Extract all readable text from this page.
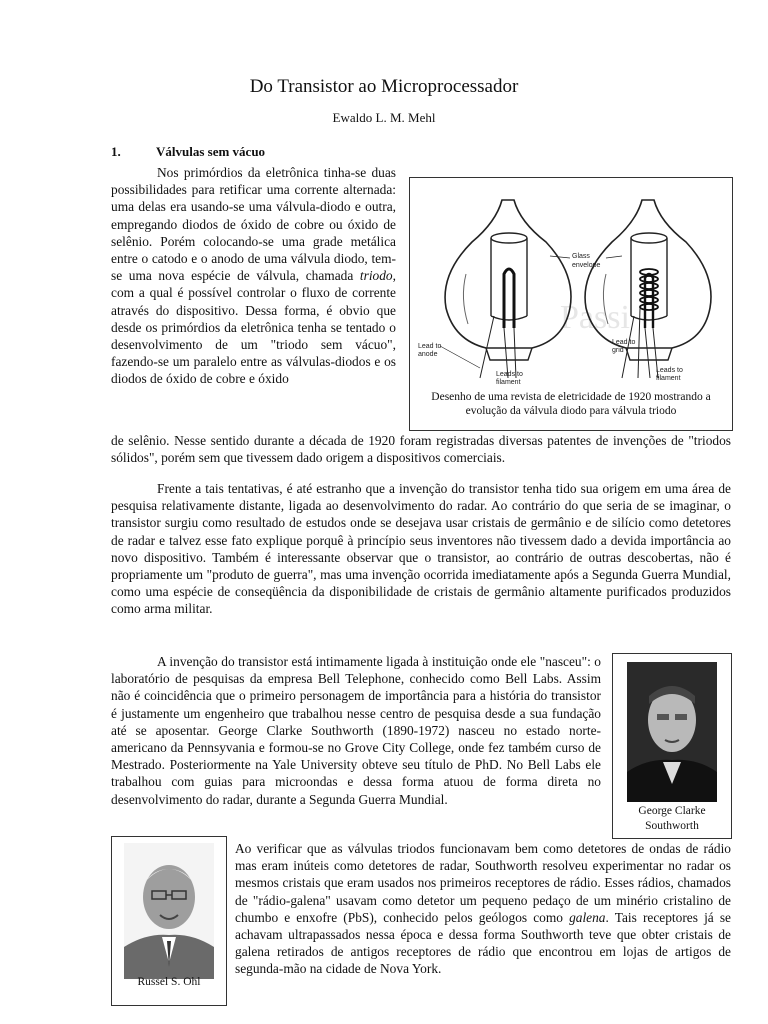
Do Transistor ao Microprocessador
Ewaldo L. M. Mehl
1.	Válvulas sem vácuo

Nos primórdios da eletrônica tinha-se duas possibilidades para retificar uma corrente alternada: uma delas era usando-se uma válvula-diodo e outra, empregando diodos de óxido de cobre ou óxido de selênio. Porém colocando-se uma grade metálica entre o catodo e o anodo de uma válvula diodo, tem-se uma nova espécie de válvula, chamada triodo, com a qual é possível controlar o fluxo de corrente através do dispositivo. Dessa forma, é obvio que desde os primórdios da eletrônica tenha se tentado o desenvolvimento de um "triodo sem vácuo", fazendo-se um paralelo entre as válvulas-diodos e os diodos de óxido de cobre e óxido

de selênio. Nesse sentido durante a década de 1920 foram registradas diversas patentes de invenções de "triodos sólidos", porém sem que tivessem dado origem a dispositivos comerciais.

Passi
Glass
envelope
Lead to
anode
Leads to
filament
Lead to
grid
Leads to
filament
Desenho de uma revista de eletricidade de 1920 mostrando a evolução da válvula diodo para válvula triodo

Frente a tais tentativas, é até estranho que a invenção do transistor tenha tido sua origem em uma área de pesquisa relativamente distante, ligada ao desenvolvimento do radar. Ao contrário do que seria de se imaginar, o transistor surgiu como resultado de estudos onde se desejava usar cristais de germânio e de silício como detetores de radar e talvez esse fato explique porquê à princípio seus inventores não tivessem dado a devida importância ao novo dispositivo. Também é interessante observar que o transistor, ao contrário de outras descobertas, não é propriamente um "produto de guerra", mas uma invenção ocorrida imediatamente após a Segunda Guerra Mundial, como uma espécie de conseqüência da disponibilidade de cristais de germânio altamente purificados produzidos como arma militar.

A invenção do transistor está intimamente ligada à instituição onde ele "nasceu": o laboratório de pesquisas da empresa Bell Telephone, conhecido como Bell Labs. Assim não é coincidência que o primeiro personagem de importância para a história do transistor é justamente um engenheiro que trabalhou nesse centro de pesquisa desde a sua fundação até se aposentar. George Clarke Southworth (1890-1972) nasceu no estado norte-americano da Pennsyvania e formou-se no Grove City College, onde fez também curso de Mestrado. Posteriormente na Yale University obteve seu título de PhD. No Bell Labs ele trabalhou com guias para microondas e dessa forma atuou de forma direta no desenvolvimento do radar, durante a Segunda Guerra Mundial.

George Clarke
Southworth
Russel S. Ohl

Ao verificar que as válvulas triodos funcionavam bem como detetores de ondas de rádio mas eram inúteis como detetores de radar, Southworth resolveu experimentar no radar os mesmos cristais que eram usados nos primeiros receptores de rádio. Esses rádios, chamados de "rádio-galena" usavam como detetor um pequeno pedaço de um minério cristalino de chumbo e enxofre (PbS), conhecido pelos geólogos como galena. Tais receptores já se achavam ultrapassados nessa época e dessa forma Southworth teve que obter cristais de galena retirados de antigos receptores de rádio que encontrou em lojas de artigos de segunda-mão na cidade de Nova York.
